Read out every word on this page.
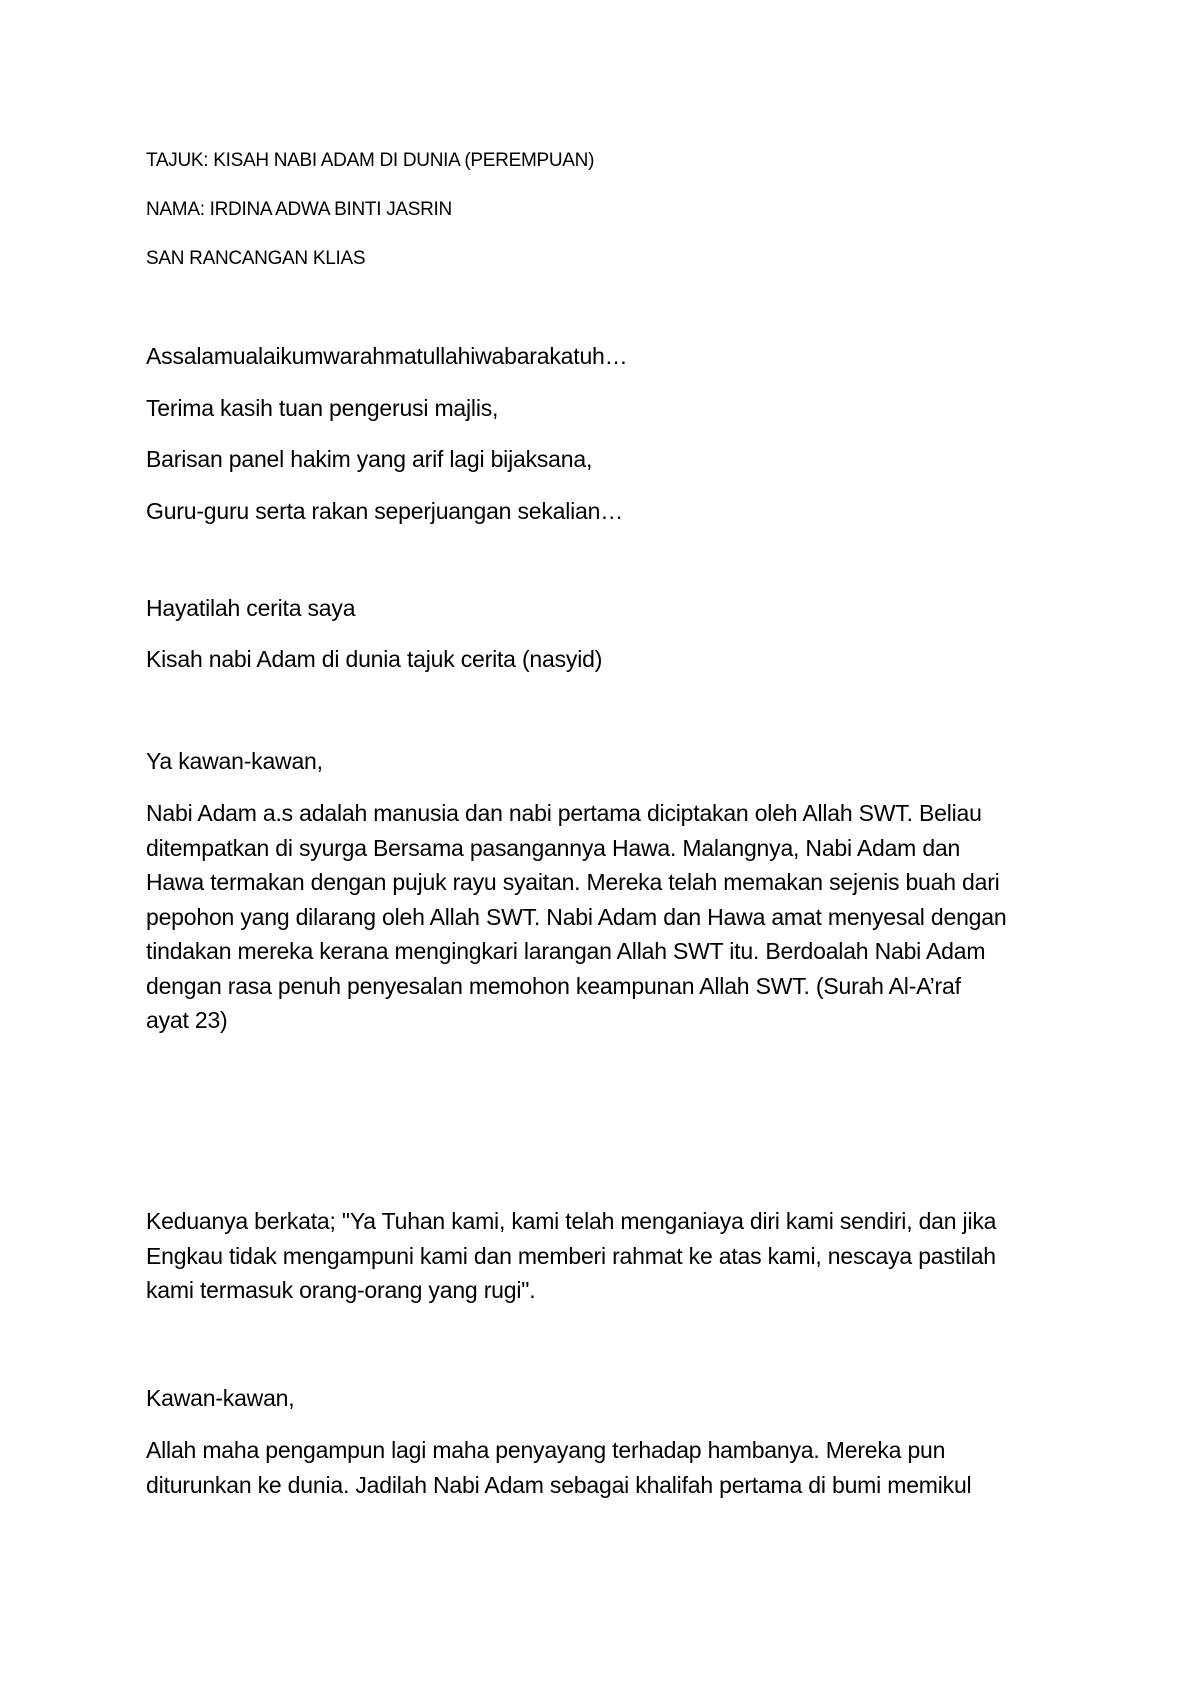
TAJUK: KISAH NABI ADAM DI DUNIA (PEREMPUAN)

NAMA: IRDINA ADWA BINTI JASRIN

SAN RANCANGAN KLIAS

Assalamualaikumwarahmatullahiwabarakatuh…

Terima kasih tuan pengerusi majlis,

Barisan panel hakim yang arif lagi bijaksana,

Guru-guru serta rakan seperjuangan sekalian…

Hayatilah cerita saya

Kisah nabi Adam di dunia tajuk cerita (nasyid)

Ya kawan-kawan,

Nabi Adam a.s adalah manusia dan nabi pertama diciptakan oleh Allah SWT. Beliau
ditempatkan di syurga Bersama pasangannya Hawa. Malangnya, Nabi Adam dan
Hawa termakan dengan pujuk rayu syaitan. Mereka telah memakan sejenis buah dari
pepohon yang dilarang oleh Allah SWT. Nabi Adam dan Hawa amat menyesal dengan
tindakan mereka kerana mengingkari larangan Allah SWT itu. Berdoalah Nabi Adam
dengan rasa penuh penyesalan memohon keampunan Allah SWT. (Surah Al-A’raf
ayat 23)
Keduanya berkata; "Ya Tuhan kami, kami telah menganiaya diri kami sendiri, dan jika
Engkau tidak mengampuni kami dan memberi rahmat ke atas kami, nescaya pastilah
kami termasuk orang-orang yang rugi".

Kawan-kawan,

Allah maha pengampun lagi maha penyayang terhadap hambanya. Mereka pun
diturunkan ke dunia. Jadilah Nabi Adam sebagai khalifah pertama di bumi memikul
